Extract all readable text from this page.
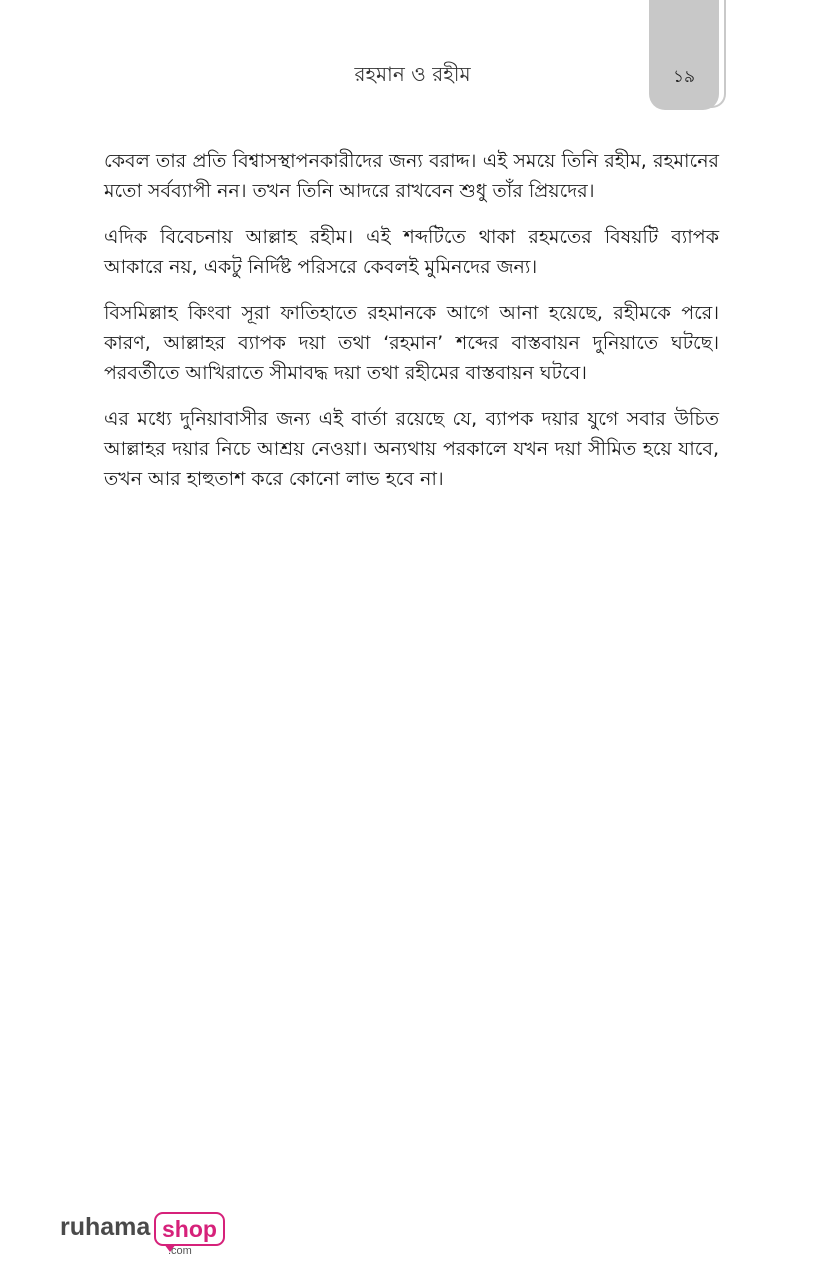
রহমান ও রহীম	১৯

কেবল তার প্রতি বিশ্বাসস্থাপনকারীদের জন্য বরাদ্দ। এই সময়ে তিনি রহীম, রহমানের মতো সর্বব্যাপী নন। তখন তিনি আদরে রাখবেন শুধু তাঁর প্রিয়দের।

এদিক বিবেচনায় আল্লাহ রহীম। এই শব্দটিতে থাকা রহমতের বিষয়টি ব্যাপক আকারে নয়, একটু নির্দিষ্ট পরিসরে কেবলই মুমিনদের জন্য।

বিসমিল্লাহ কিংবা সূরা ফাতিহাতে রহমানকে আগে আনা হয়েছে, রহীমকে পরে। কারণ, আল্লাহর ব্যাপক দয়া তথা ‘রহমান’ শব্দের বাস্তবায়ন দুনিয়াতে ঘটছে। পরবর্তীতে আখিরাতে সীমাবদ্ধ দয়া তথা রহীমের বাস্তবায়ন ঘটবে।

এর মধ্যে দুনিয়াবাসীর জন্য এই বার্তা রয়েছে যে, ব্যাপক দয়ার যুগে সবার উচিত আল্লাহর দয়ার নিচে আশ্রয় নেওয়া। অন্যথায় পরকালে যখন দয়া সীমিত হয়ে যাবে, তখন আর হাহুতাশ করে কোনো লাভ হবে না।

ruhama shop
.com
